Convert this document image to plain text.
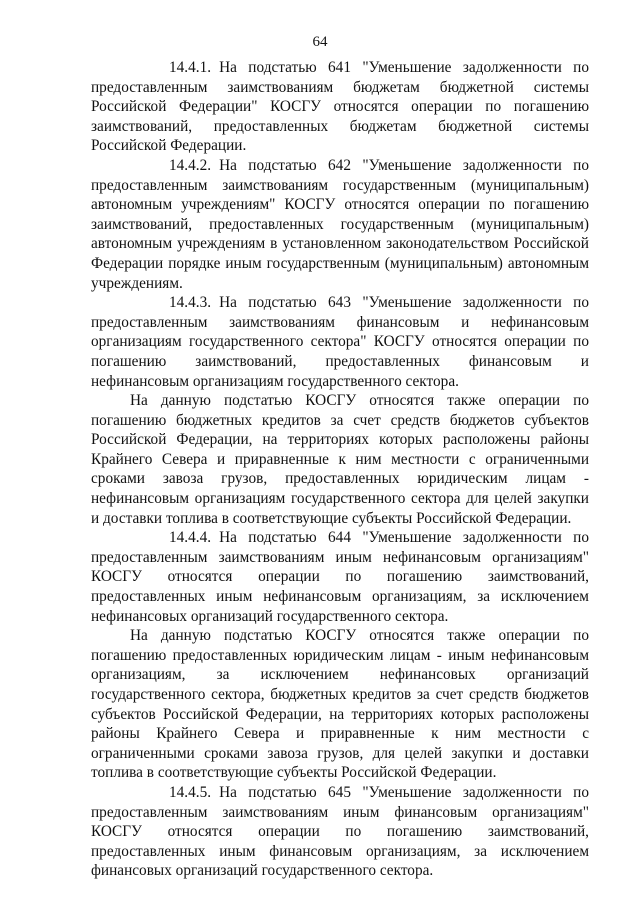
64

14.4.1. На подстатью 641 "Уменьшение задолженности по предоставленным заимствованиям бюджетам бюджетной системы Российской Федерации" КОСГУ относятся операции по погашению заимствований, предоставленных бюджетам бюджетной системы Российской Федерации.

14.4.2. На подстатью 642 "Уменьшение задолженности по предоставленным заимствованиям государственным (муниципальным) автономным учреждениям" КОСГУ относятся операции по погашению заимствований, предоставленных государственным (муниципальным) автономным учреждениям в установленном законодательством Российской Федерации порядке иным государственным (муниципальным) автономным учреждениям.

14.4.3. На подстатью 643 "Уменьшение задолженности по предоставленным заимствованиям финансовым и нефинансовым организациям государственного сектора" КОСГУ относятся операции по погашению заимствований, предоставленных финансовым и нефинансовым организациям государственного сектора.

На данную подстатью КОСГУ относятся также операции по погашению бюджетных кредитов за счет средств бюджетов субъектов Российской Федерации, на территориях которых расположены районы Крайнего Севера и приравненные к ним местности с ограниченными сроками завоза грузов, предоставленных юридическим лицам - нефинансовым организациям государственного сектора для целей закупки и доставки топлива в соответствующие субъекты Российской Федерации.

14.4.4. На подстатью 644 "Уменьшение задолженности по предоставленным заимствованиям иным нефинансовым организациям" КОСГУ относятся операции по погашению заимствований, предоставленных иным нефинансовым организациям, за исключением нефинансовых организаций государственного сектора.

На данную подстатью КОСГУ относятся также операции по погашению предоставленных юридическим лицам - иным нефинансовым организациям, за исключением нефинансовых организаций государственного сектора, бюджетных кредитов за счет средств бюджетов субъектов Российской Федерации, на территориях которых расположены районы Крайнего Севера и приравненные к ним местности с ограниченными сроками завоза грузов, для целей закупки и доставки топлива в соответствующие субъекты Российской Федерации.

14.4.5. На подстатью 645 "Уменьшение задолженности по предоставленным заимствованиям иным финансовым организациям" КОСГУ относятся операции по погашению заимствований, предоставленных иным финансовым организациям, за исключением финансовых организаций государственного сектора.
